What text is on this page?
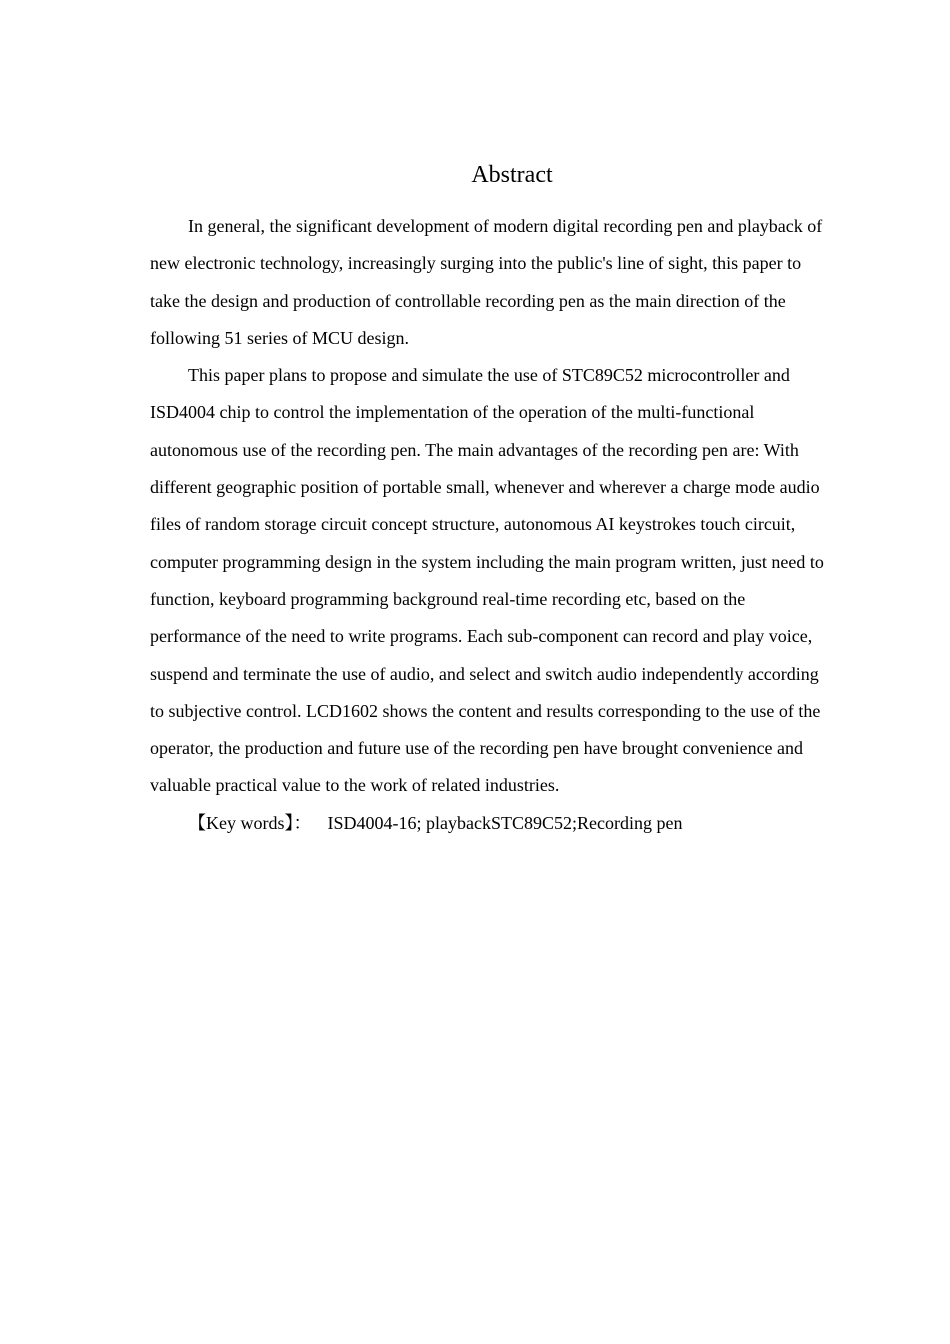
Abstract

In general, the significant development of modern digital recording pen and playback of new electronic technology, increasingly surging into the public's line of sight, this paper to take the design and production of controllable recording pen as the main direction of the following 51 series of MCU design.

This paper plans to propose and simulate the use of STC89C52 microcontroller and ISD4004 chip to control the implementation of the operation of the multi-functional autonomous use of the recording pen. The main advantages of the recording pen are: With different geographic position of portable small, whenever and wherever a charge mode audio files of random storage circuit concept structure, autonomous AI keystrokes touch circuit, computer programming design in the system including the main program written, just need to function, keyboard programming background real-time recording etc, based on the performance of the need to write programs. Each sub-component can record and play voice, suspend and terminate the use of audio, and select and switch audio independently according to subjective control. LCD1602 shows the content and results corresponding to the use of the operator, the production and future use of the recording pen have brought convenience and valuable practical value to the work of related industries.

【Key words】： ISD4004-16; playbackSTC89C52;Recording pen
